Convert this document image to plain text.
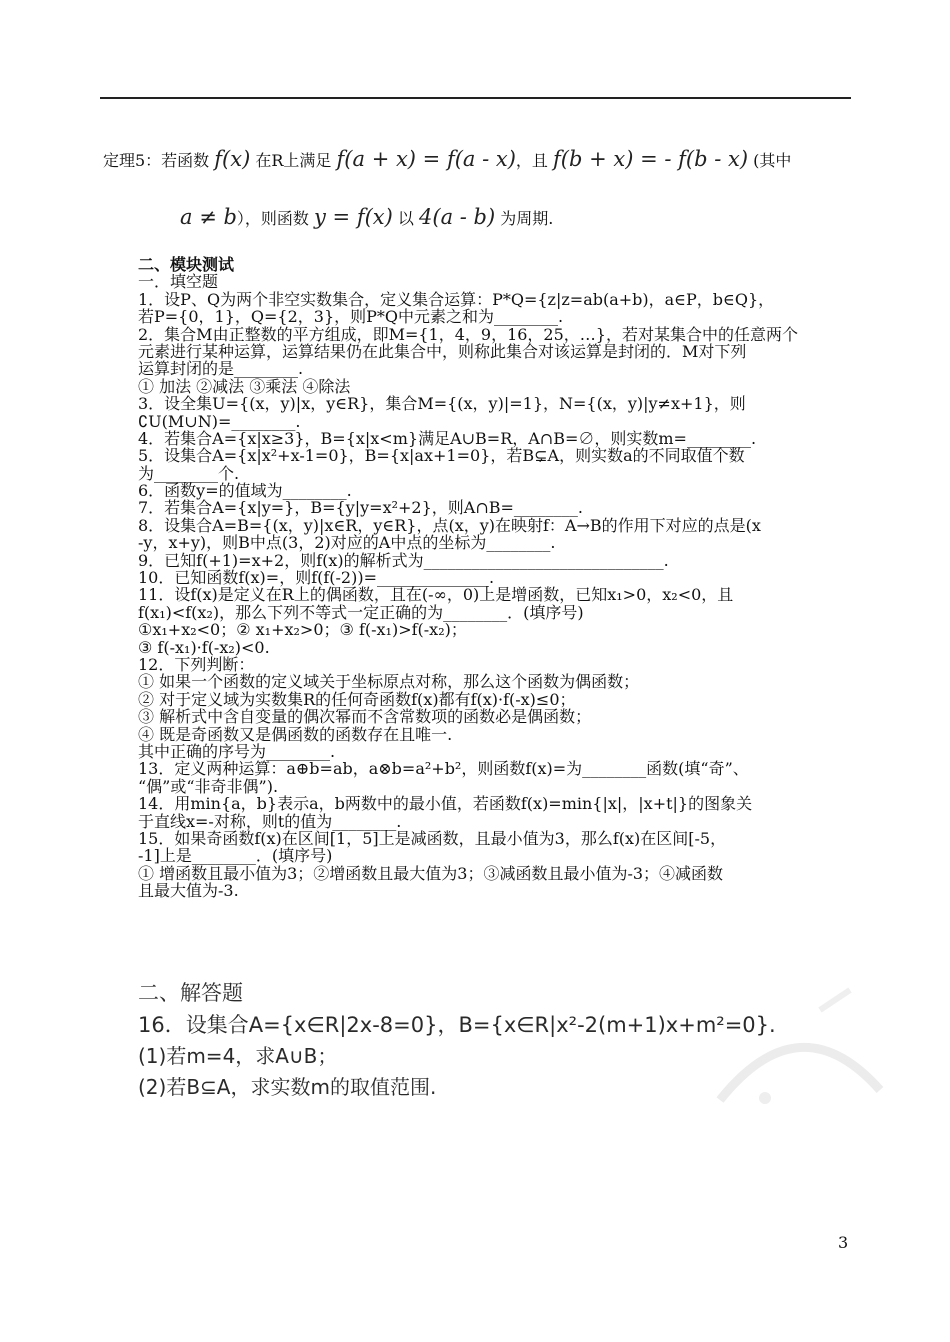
定理5：若函数 f(x) 在R上满足 f(a + x) = f(a - x)，且 f(b + x) = - f(b - x) (其中
a ≠ b），则函数 y = f(x) 以 4(a - b) 为周期.
二、模块测试
一．填空题
1．设P、Q为两个非空实数集合，定义集合运算：P*Q={z|z=ab(a+b)，a∈P，b∈Q}，
若P={0，1}，Q={2，3}，则P*Q中元素之和为________.
2．集合M由正整数的平方组成，即M={1，4，9，16，25，…}，若对某集合中的任意两个
元素进行某种运算，运算结果仍在此集合中，则称此集合对该运算是封闭的．M对下列
运算封闭的是________.
① 加法 ②减法 ③乘法 ④除法
3．设全集U={(x，y)|x，y∈R}，集合M={(x，y)|=1}，N={(x，y)|y≠x+1}，则
∁U(M∪N)=________.
4．若集合A={x|x≥3}，B={x|x<m}满足A∪B=R，A∩B=∅，则实数m=________.
5．设集合A={x|x²+x-1=0}，B={x|ax+1=0}，若B⊊A，则实数a的不同取值个数
为________个.
6．函数y=的值域为________.
7．若集合A={x|y=}，B={y|y=x²+2}，则A∩B=________.
8．设集合A=B={(x，y)|x∈R，y∈R}，点(x，y)在映射f：A→B的作用下对应的点是(x
-y，x+y)，则B中点(3，2)对应的A中点的坐标为________.
9．已知f(+1)=x+2，则f(x)的解析式为______________________________.
10．已知函数f(x)=，则f(f(-2))=______________.
11．设f(x)是定义在R上的偶函数，且在(-∞，0)上是增函数，已知x₁>0，x₂<0，且
f(x₁)<f(x₂)，那么下列不等式一定正确的为________．(填序号)
①x₁+x₂<0；② x₁+x₂>0；③ f(-x₁)>f(-x₂)；
③ f(-x₁)·f(-x₂)<0.
12．下列判断：
① 如果一个函数的定义域关于坐标原点对称，那么这个函数为偶函数；
② 对于定义域为实数集R的任何奇函数f(x)都有f(x)·f(-x)≤0；
③ 解析式中含自变量的偶次幂而不含常数项的函数必是偶函数；
④ 既是奇函数又是偶函数的函数存在且唯一.
其中正确的序号为________.
13．定义两种运算：a⊕b=ab，a⊗b=a²+b²，则函数f(x)=为________函数(填“奇”、
“偶”或“非奇非偶”).
14．用min{a，b}表示a，b两数中的最小值，若函数f(x)=min{|x|，|x+t|}的图象关
于直线x=-对称，则t的值为________.
15．如果奇函数f(x)在区间[1，5]上是减函数，且最小值为3，那么f(x)在区间[-5，
-1]上是________．(填序号)
① 增函数且最小值为3；②增函数且最大值为3；③减函数且最小值为-3；④减函数
且最大值为-3.
二、解答题
16．设集合A={x∈R|2x-8=0}，B={x∈R|x²-2(m+1)x+m²=0}.
(1)若m=4，求A∪B；
(2)若B⊆A，求实数m的取值范围.
3
